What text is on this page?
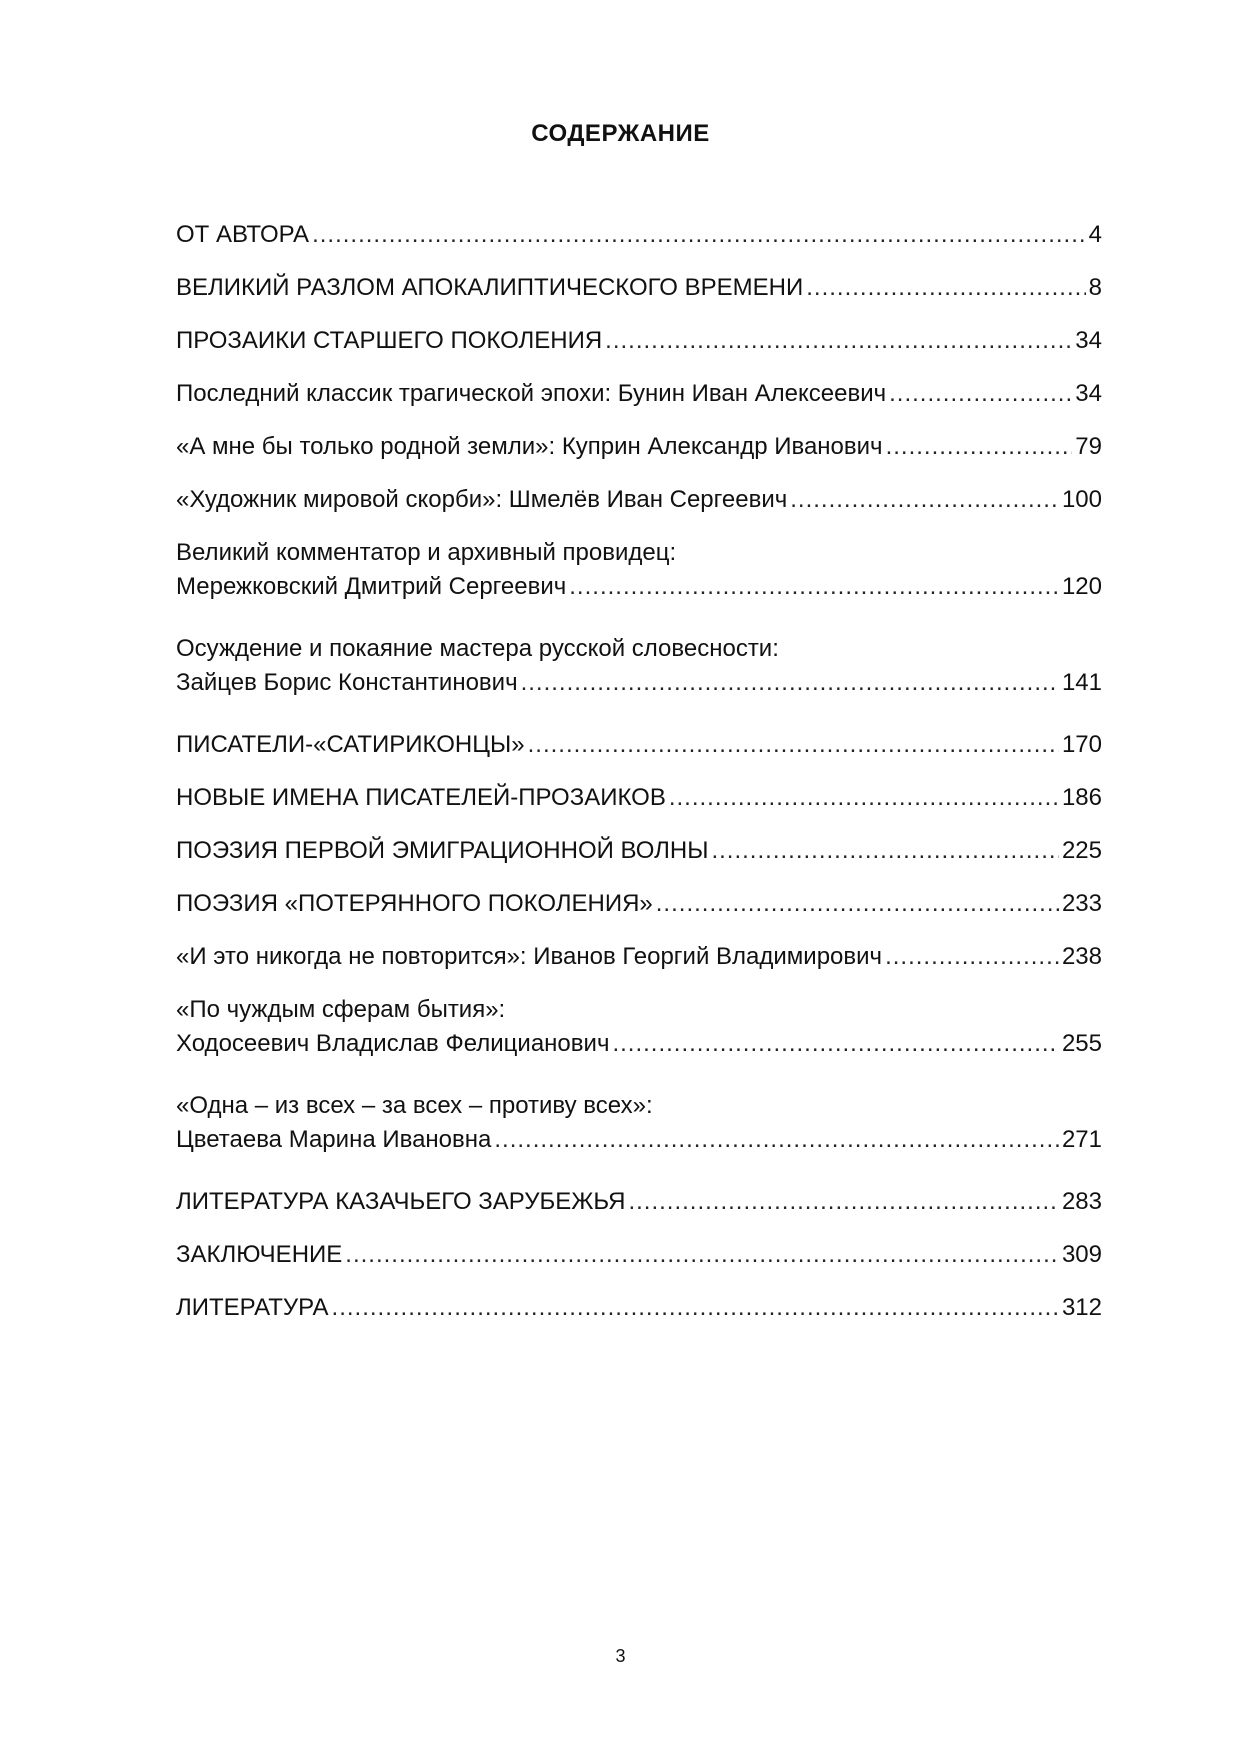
СОДЕРЖАНИЕ
ОТ АВТОРА .....	4
ВЕЛИКИЙ РАЗЛОМ АПОКАЛИПТИЧЕСКОГО ВРЕМЕНИ .....	8
ПРОЗАИКИ СТАРШЕГО ПОКОЛЕНИЯ .....	34
Последний классик трагической эпохи: Бунин Иван Алексеевич .....	34
«А мне бы только родной земли»: Куприн Александр Иванович .....	79
«Художник мировой скорби»: Шмелёв Иван Сергеевич .....	100
Великий комментатор и архивный провидец:
Мережковский Дмитрий Сергеевич .....	120
Осуждение и покаяние мастера русской словесности:
Зайцев Борис Константинович .....	141
ПИСАТЕЛИ-«САТИРИКОНЦЫ» .....	170
НОВЫЕ ИМЕНА ПИСАТЕЛЕЙ-ПРОЗАИКОВ .....	186
ПОЭЗИЯ ПЕРВОЙ ЭМИГРАЦИОННОЙ ВОЛНЫ .....	225
ПОЭЗИЯ «ПОТЕРЯННОГО ПОКОЛЕНИЯ» .....	233
«И это никогда не повторится»: Иванов Георгий Владимирович .....	238
«По чуждым сферам бытия»:
Ходосеевич Владислав Фелицианович .....	255
«Одна – из всех – за всех – противу всех»:
Цветаева Марина Ивановна .....	271
ЛИТЕРАТУРА КАЗАЧЬЕГО ЗАРУБЕЖЬЯ .....	283
ЗАКЛЮЧЕНИЕ .....	309
ЛИТЕРАТУРА .....	312
3
